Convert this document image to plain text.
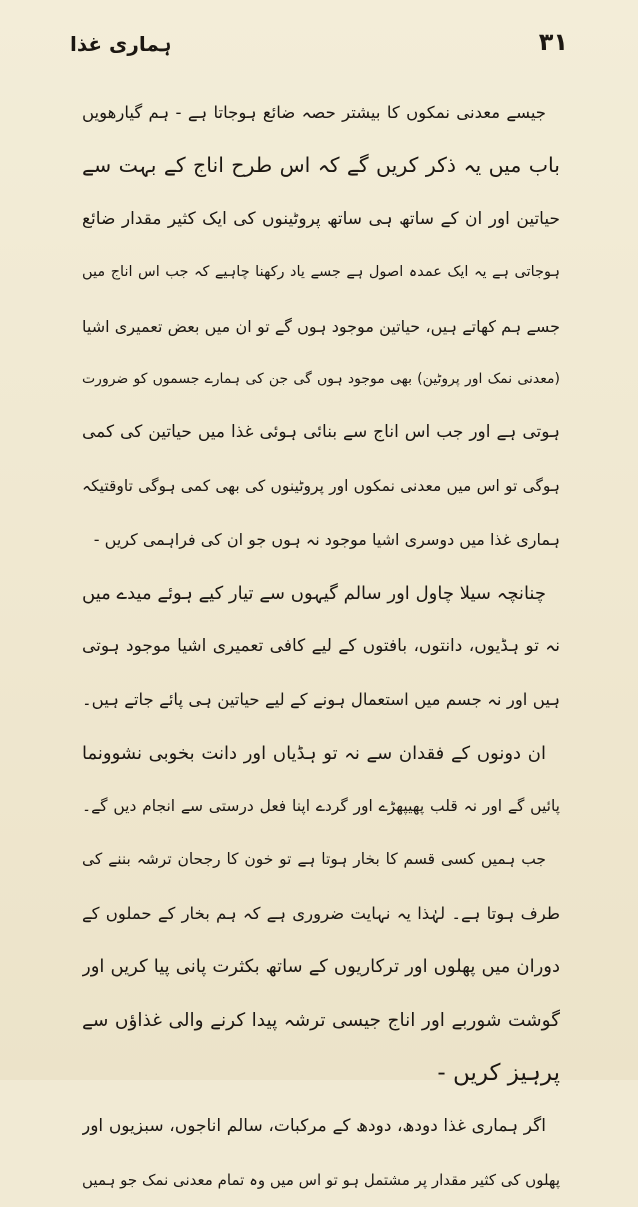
۳۱
ہماری غذا
جیسے معدنی نمکوں کا بیشتر حصہ ضائع ہوجاتا ہے - ہم گیارھویں
باب میں یہ ذکر کریں گے کہ اس طرح اناج کے بہت سے
حیاتین اور ان کے ساتھ ہی ساتھ پروٹینوں کی ایک کثیر مقدار ضائع
ہوجاتی ہے یہ ایک عمدہ اصول ہے جسے یاد رکھنا چاہیے کہ جب اس اناج میں
جسے ہم کھاتے ہیں، حیاتین موجود ہوں گے تو ان میں بعض تعمیری اشیا
(معدنی نمک اور پروٹین) بھی موجود ہوں گی جن کی ہمارے جسموں کو ضرورت
ہوتی ہے اور جب اس اناج سے بنائی ہوئی غذا میں حیاتین کی کمی
ہوگی تو اس میں معدنی نمکوں اور پروٹینوں کی بھی کمی ہوگی تاوقتیکہ
ہماری غذا میں دوسری اشیا موجود نہ ہوں جو ان کی فراہمی کریں -
چنانچہ سیلا چاول اور سالم گیہوں سے تیار کیے ہوئے میدے میں
نہ تو ہڈیوں، دانتوں، بافتوں کے لیے کافی تعمیری اشیا موجود ہوتی
ہیں اور نہ جسم میں استعمال ہونے کے لیے حیاتین ہی پائے جاتے ہیں۔
ان دونوں کے فقدان سے نہ تو ہڈیاں اور دانت بخوبی نشوونما
پائیں گے اور نہ قلب پھیپھڑے اور گردے اپنا فعل درستی سے انجام دیں گے۔
جب ہمیں کسی قسم کا بخار ہوتا ہے تو خون کا رجحان ترشہ بننے کی
طرف ہوتا ہے۔ لہٰذا یہ نہایت ضروری ہے کہ ہم بخار کے حملوں کے
دوران میں پھلوں اور ترکاریوں کے ساتھ بکثرت پانی پیا کریں اور
گوشت شوربے اور اناج جیسی ترشہ پیدا کرنے والی غذاؤں سے
پرہیز کریں -
اگر ہماری غذا دودھ، دودھ کے مرکبات، سالم اناجوں، سبزیوں اور
پھلوں کی کثیر مقدار پر مشتمل ہو تو اس میں وہ تمام معدنی نمک جو ہمیں
